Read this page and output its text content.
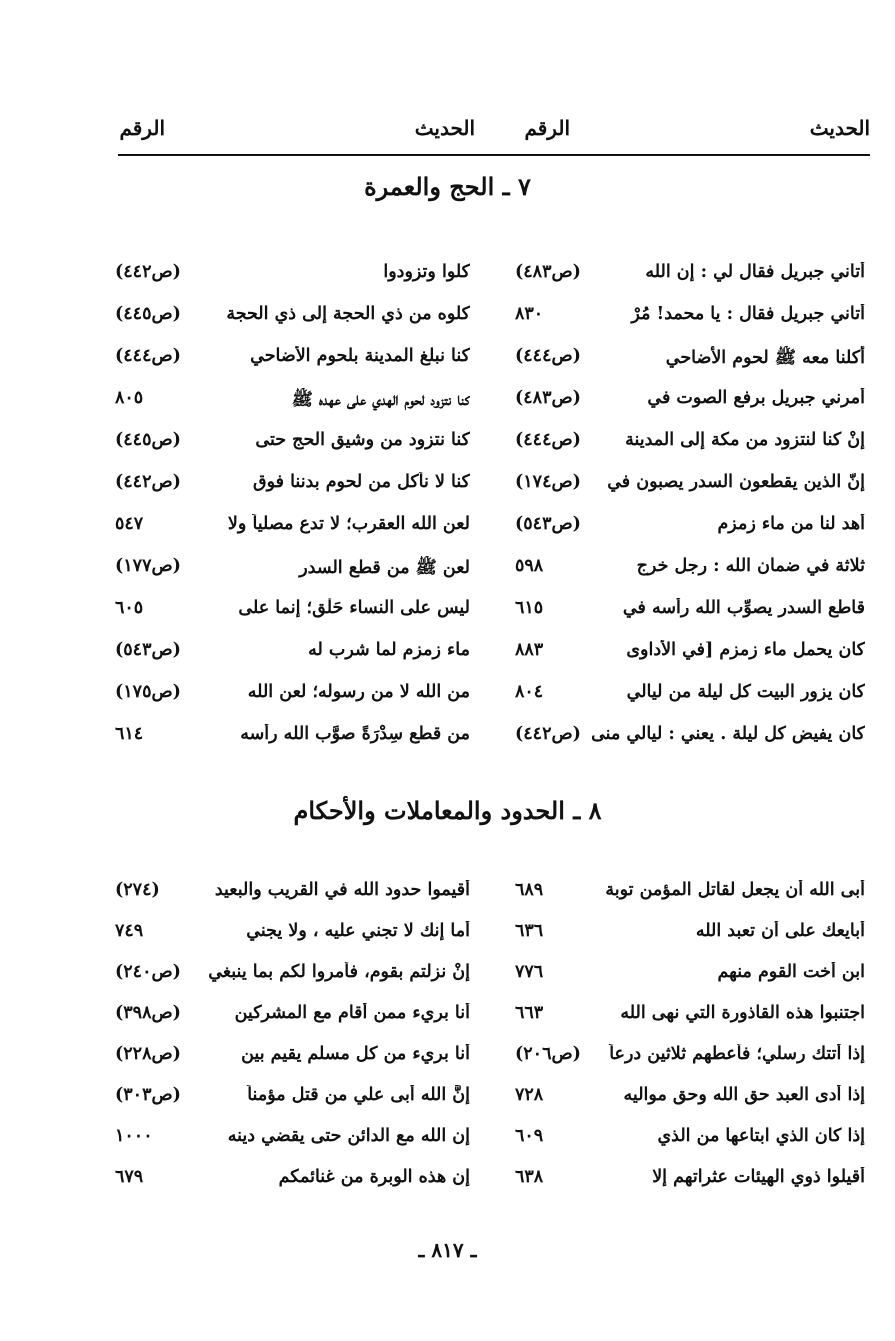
الحديث
الرقم
الحديث
الرقم
٧ ـ الحج والعمرة
أتاني جبريل فقال لي : إن الله
(ص٤٨٣)
كلوا وتزودوا
(ص٤٤٢)
أتاني جبريل فقال : يا محمد! مُرْ
٨٣٠
كلوه من ذي الحجة إلى ذي الحجة
(ص٤٤٥)
أكلنا معه ﷺ لحوم الأضاحي
(ص٤٤٤)
كنا نبلغ المدينة بلحوم الأضاحي
(ص٤٤٤)
أمرني جبريل برفع الصوت في
(ص٤٨٣)
كنا نتزود لحوم الهدي على عهده ﷺ
٨٠٥
إنْ كنا لنتزود من مكة إلى المدينة
(ص٤٤٤)
كنا نتزود من وشيق الحج حتى
(ص٤٤٥)
إنّ الذين يقطعون السدر يصبون في
(ص١٧٤)
كنا لا نأكل من لحوم بدننا فوق
(ص٤٤٢)
أهد لنا من ماء زمزم
(ص٥٤٣)
لعن الله العقرب؛ لا تدع مصلياً ولا
٥٤٧
ثلاثة في ضمان الله : رجل خرج
٥٩٨
لعن ﷺ من قطع السدر
(ص١٧٧)
قاطع السدر يصوِّب الله رأسه في
٦١٥
ليس على النساء حَلْق؛ إنما على
٦٠٥
كان يحمل ماء زمزم [في الأداوى
٨٨٣
ماء زمزم لما شرب له
(ص٥٤٣)
كان يزور البيت كل ليلة من ليالي
٨٠٤
من الله لا من رسوله؛ لعن الله
(ص١٧٥)
كان يفيض كل ليلة . يعني : ليالي منى
(ص٤٤٢)
من قطع سِدْرَةً صوَّب الله رأسه
٦١٤
٨ ـ الحدود والمعاملات والأحكام
أبى الله أن يجعل لقاتل المؤمن توبة
٦٨٩
أقيموا حدود الله في القريب والبعيد
(٢٧٤)
أبايعك على أن تعبد الله
٦٣٦
أما إنك لا تجني عليه ، ولا يجني
٧٤٩
ابن أخت القوم منهم
٧٧٦
إنْ نزلتم بقوم، فأمروا لكم بما ينبغي
(ص٢٤٠)
اجتنبوا هذه القاذورة التي نهى الله
٦٦٣
أنا بريء ممن أقام مع المشركين
(ص٣٩٨)
إذا أتتك رسلي؛ فأعطهم ثلاثين درعاً
(ص٢٠٦)
أنا بريء من كل مسلم يقيم بين
(ص٢٢٨)
إذا أدى العبد حق الله وحق مواليه
٧٢٨
إنَّ الله أبى علي من قتل مؤمناً
(ص٣٠٣)
إذا كان الذي ابتاعها من الذي
٦٠٩
إن الله مع الدائن حتى يقضي دينه
١٠٠٠
أقيلوا ذوي الهيئات عثراتهم إلا
٦٣٨
إن هذه الوبرة من غنائمكم
٦٧٩
ـ ٨١٧ ـ
